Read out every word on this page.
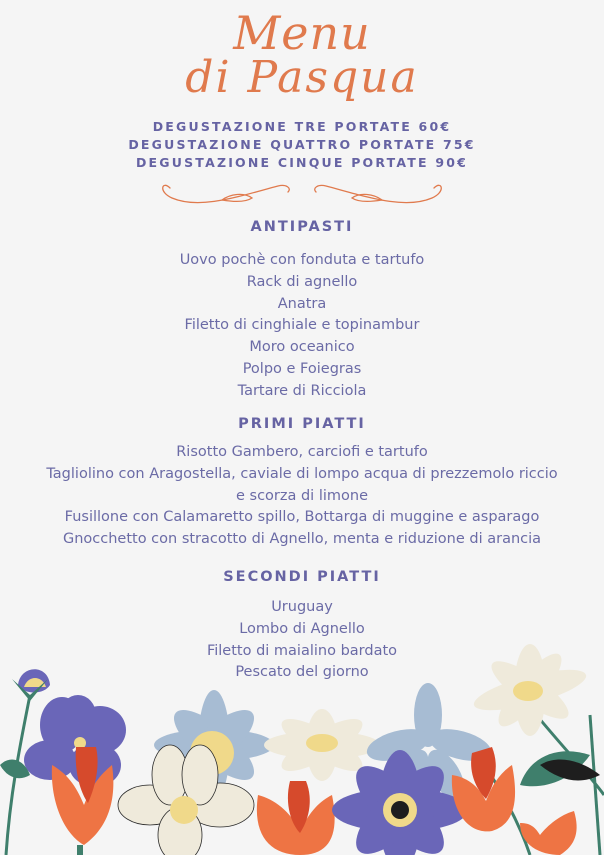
Menu
di Pasqua
DEGUSTAZIONE TRE PORTATE 60€
DEGUSTAZIONE QUATTRO PORTATE 75€
DEGUSTAZIONE CINQUE PORTATE 90€
ANTIPASTI
Uovo pochè con fonduta e tartufo
Rack di agnello
Anatra
Filetto di cinghiale e topinambur
Moro oceanico
Polpo e Foiegras
Tartare di Ricciola
PRIMI PIATTI
Risotto Gambero, carciofi e tartufo
Tagliolino con Aragostella, caviale di lompo acqua di prezzemolo riccio
e scorza di limone
Fusillone con Calamaretto spillo, Bottarga di muggine e asparago
Gnocchetto con stracotto di Agnello, menta e riduzione di arancia
SECONDI PIATTI
Uruguay
Lombo di Agnello
Filetto di maialino bardato
Pescato del giorno
